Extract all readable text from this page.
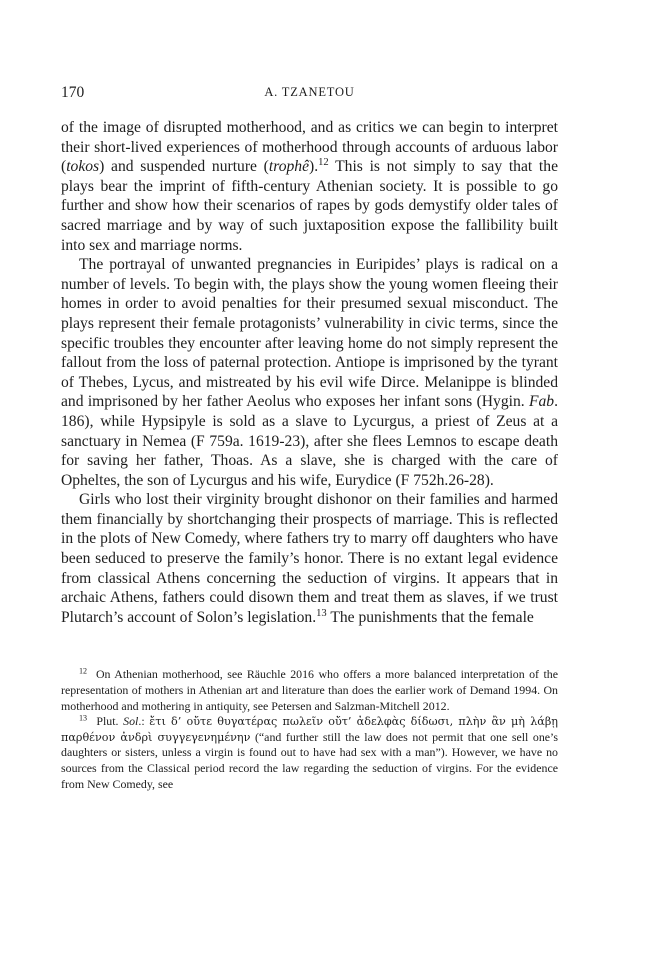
170	A. TZANETOU

of the image of disrupted motherhood, and as critics we can begin to interpret their short-lived experiences of motherhood through accounts of arduous labor (tokos) and suspended nurture (trophê).$^{12}$ This is not simply to say that the plays bear the imprint of fifth-century Athenian society. It is possible to go further and show how their scenarios of rapes by gods demystify older tales of sacred marriage and by way of such juxtaposition expose the fallibility built into sex and marriage norms.

The portrayal of unwanted pregnancies in Euripides’ plays is radical on a number of levels. To begin with, the plays show the young women fleeing their homes in order to avoid penalties for their presumed sexual misconduct. The plays represent their female protagonists’ vulnerability in civic terms, since the specific troubles they encounter after leaving home do not simply represent the fallout from the loss of paternal protection. Antiope is imprisoned by the tyrant of Thebes, Lycus, and mistreated by his evil wife Dirce. Melanippe is blinded and imprisoned by her father Aeolus who exposes her infant sons (Hygin. Fab. 186), while Hypsipyle is sold as a slave to Lycurgus, a priest of Zeus at a sanctuary in Nemea (F 759a. 1619-23), after she flees Lemnos to escape death for saving her father, Thoas. As a slave, she is charged with the care of Opheltes, the son of Lycurgus and his wife, Eurydice (F 752h.26-28).

Girls who lost their virginity brought dishonor on their families and harmed them financially by shortchanging their prospects of marriage. This is reflected in the plots of New Comedy, where fathers try to marry off daughters who have been seduced to preserve the family’s honor. There is no extant legal evidence from classical Athens concerning the seduction of virgins. It appears that in archaic Athens, fathers could disown them and treat them as slaves, if we trust Plutarch’s account of Solon’s legislation.$^{13}$ The punishments that the female

$^{12}$ On Athenian motherhood, see Räuchle 2016 who offers a more balanced interpretation of the representation of mothers in Athenian art and literature than does the earlier work of Demand 1994. On motherhood and mothering in antiquity, see Petersen and Salzman-Mitchell 2012.

$^{13}$ Plut. Sol.: ἔτι δ’ οὔτε θυγατέρας πωλεῖν οὔτ’ ἀδελφὰς δίδωσι, πλὴν ἂν μὴ λάβῃ παρθένον ἀνδρὶ συγγεγενημένην (“and further still the law does not permit that one sell one’s daughters or sisters, unless a virgin is found out to have had sex with a man”). However, we have no sources from the Classical period record the law regarding the seduction of virgins. For the evidence from New Comedy, see
